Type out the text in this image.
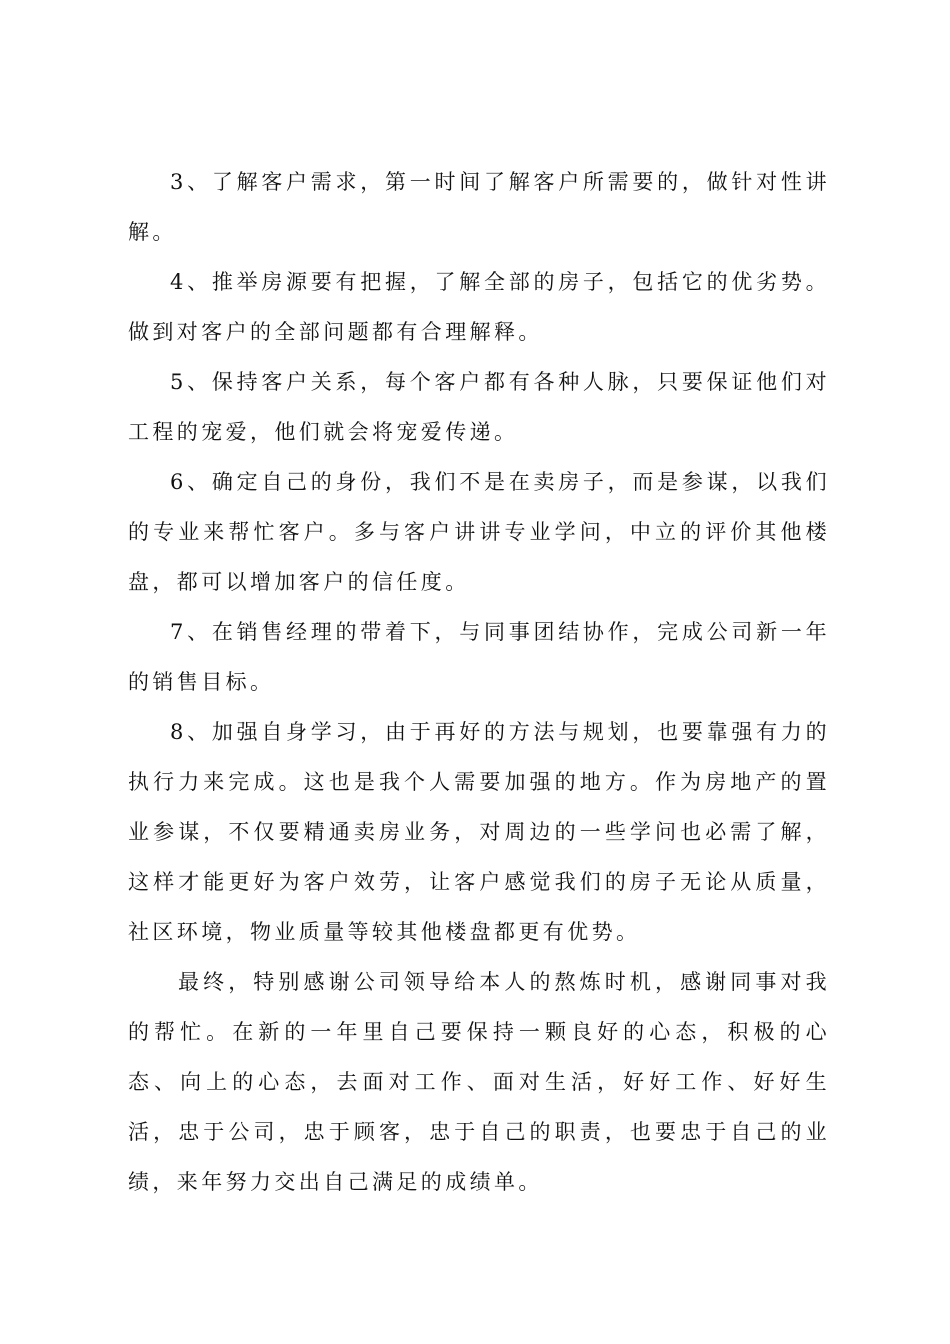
3、了解客户需求，第一时间了解客户所需要的，做针对性讲解。

4、推举房源要有把握，了解全部的房子，包括它的优劣势。做到对客户的全部问题都有合理解释。

5、保持客户关系，每个客户都有各种人脉，只要保证他们对工程的宠爱，他们就会将宠爱传递。

6、确定自己的身份，我们不是在卖房子，而是参谋，以我们的专业来帮忙客户。多与客户讲讲专业学问，中立的评价其他楼盘，都可以增加客户的信任度。

7、在销售经理的带着下，与同事团结协作，完成公司新一年的销售目标。

8、加强自身学习，由于再好的方法与规划，也要靠强有力的执行力来完成。这也是我个人需要加强的地方。作为房地产的置业参谋，不仅要精通卖房业务，对周边的一些学问也必需了解，这样才能更好为客户效劳，让客户感觉我们的房子无论从质量，社区环境，物业质量等较其他楼盘都更有优势。

最终，特别感谢公司领导给本人的熬炼时机，感谢同事对我的帮忙。在新的一年里自己要保持一颗良好的心态，积极的心态、向上的心态，去面对工作、面对生活，好好工作、好好生活，忠于公司，忠于顾客，忠于自己的职责，也要忠于自己的业绩，来年努力交出自己满足的成绩单。
